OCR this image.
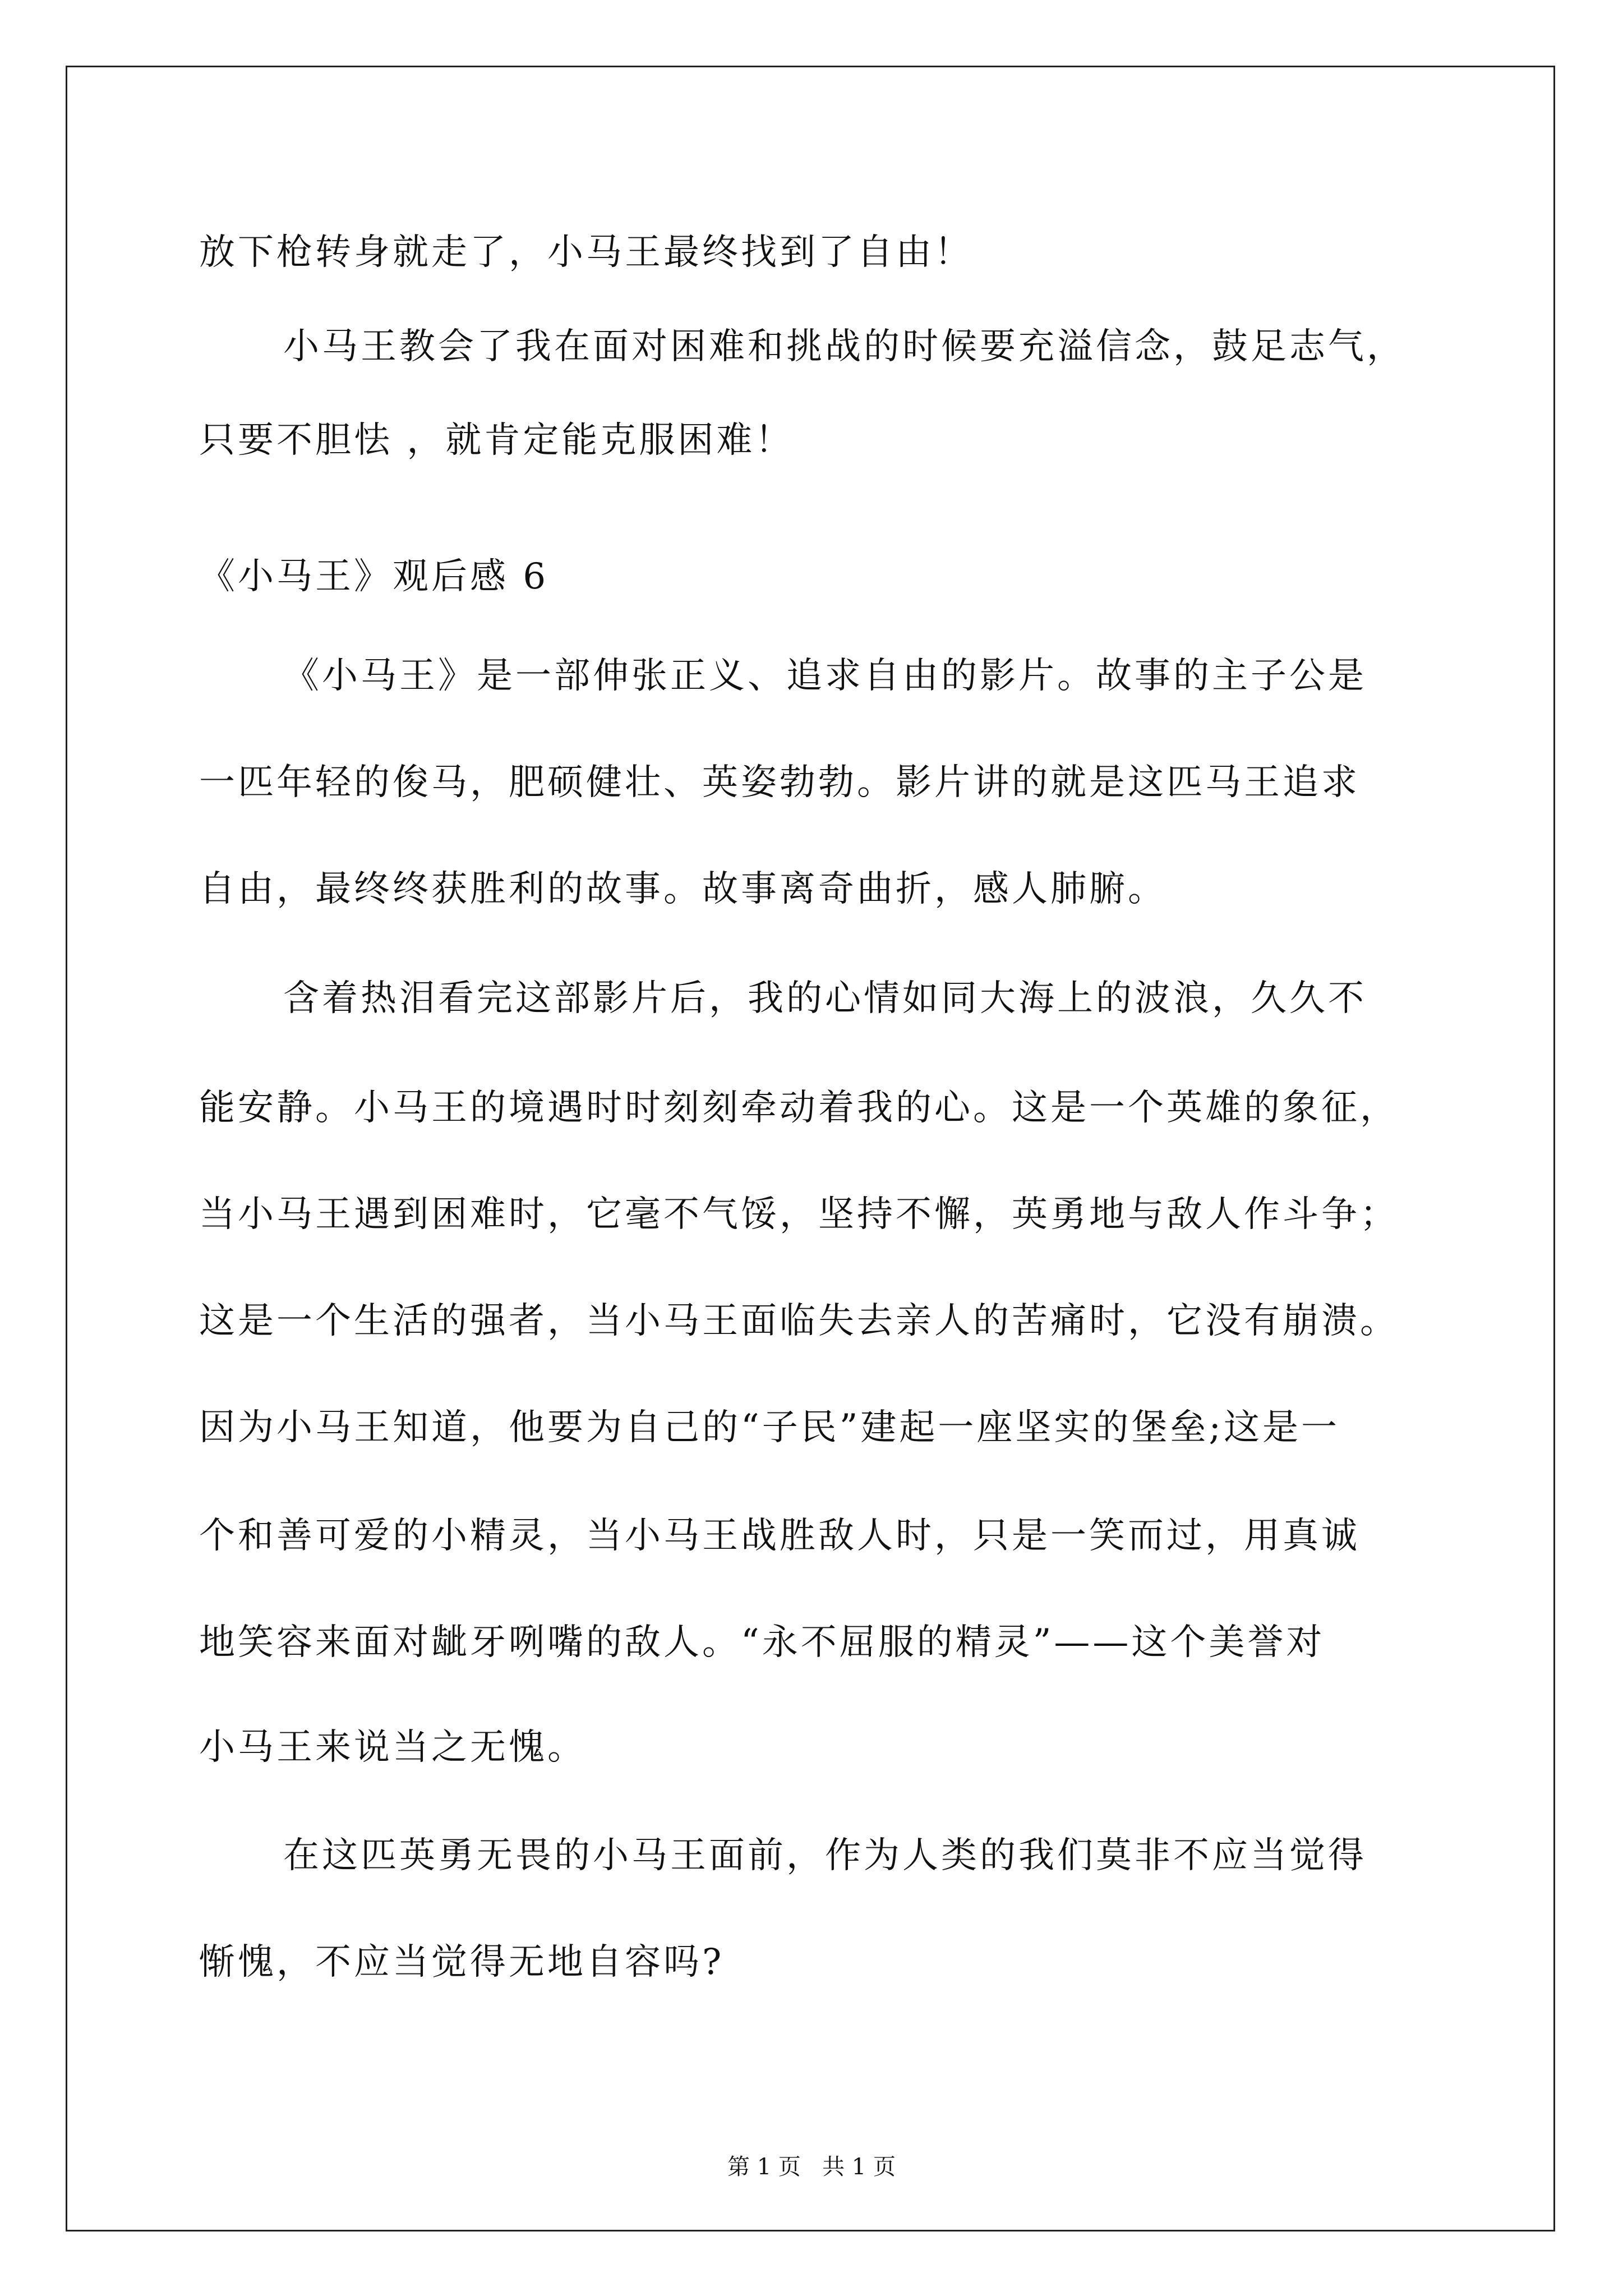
放下枪转身就走了，小马王最终找到了自由！
小马王教会了我在面对困难和挑战的时候要充溢信念，鼓足志气，
只要不胆怯 ，就肯定能克服困难！
《小马王》观后感 6
《小马王》是一部伸张正义、追求自由的影片。故事的主子公是
一匹年轻的俊马，肥硕健壮、英姿勃勃。影片讲的就是这匹马王追求
自由，最终终获胜利的故事。故事离奇曲折，感人肺腑。
含着热泪看完这部影片后，我的心情如同大海上的波浪，久久不
能安静。小马王的境遇时时刻刻牵动着我的心。这是一个英雄的象征，
当小马王遇到困难时，它毫不气馁，坚持不懈，英勇地与敌人作斗争；
这是一个生活的强者，当小马王面临失去亲人的苦痛时，它没有崩溃。
因为小马王知道，他要为自己的“子民”建起一座坚实的堡垒;这是一
个和善可爱的小精灵，当小马王战胜敌人时，只是一笑而过，用真诚
地笑容来面对龇牙咧嘴的敌人。“永不屈服的精灵”——这个美誉对
小马王来说当之无愧。
在这匹英勇无畏的小马王面前，作为人类的我们莫非不应当觉得
惭愧，不应当觉得无地自容吗?
第 1 页   共 1 页
